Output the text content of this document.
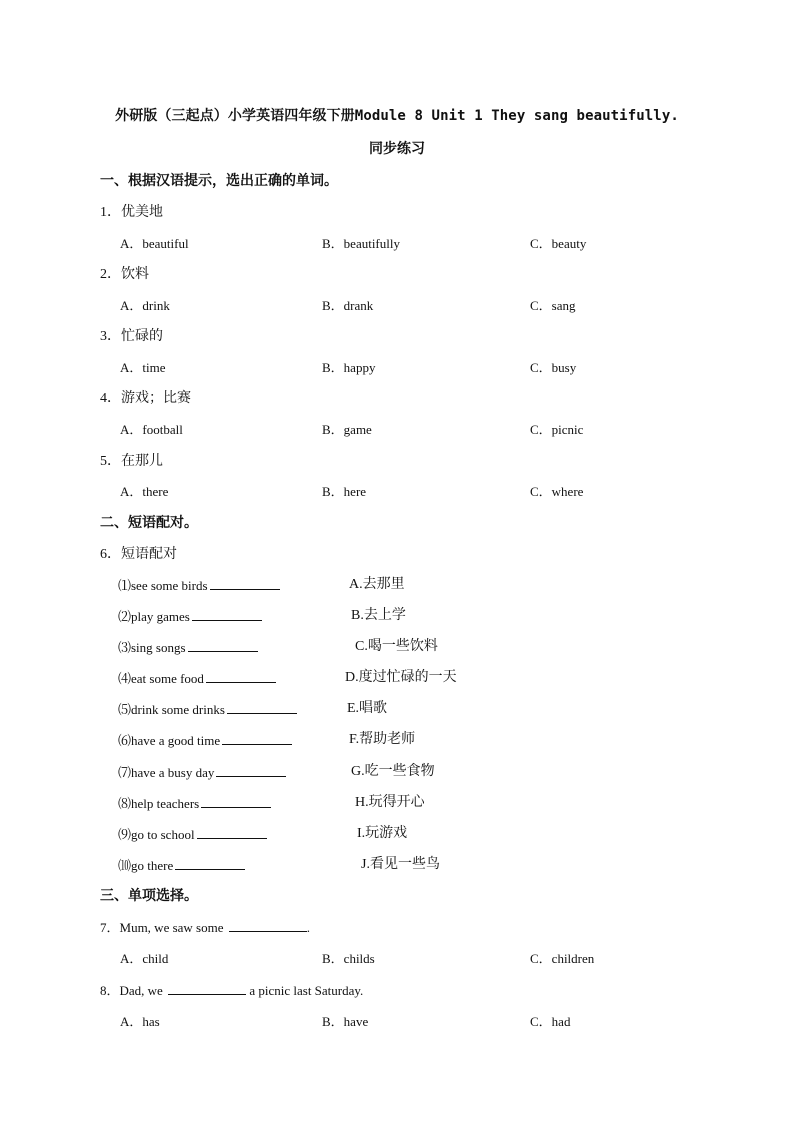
外研版（三起点）小学英语四年级下册Module 8 Unit 1 They sang beautifully.
同步练习
一、根据汉语提示，选出正确的单词。
1．优美地
A．beautiful	B．beautifully	C．beauty
2．饮料
A．drink	B．drank	C．sang
3．忙碌的
A．time	B．happy	C．busy
4．游戏；比赛
A．football	B．game	C．picnic
5．在那儿
A．there	B．here	C．where
二、短语配对。
6．短语配对
⑴see some birds	A.去那里
⑵play games	B.去上学
⑶sing songs	C.喝一些饮料
⑷eat some food	D.度过忙碌的一天
⑸drink some drinks	E.唱歌
⑹have a good time	F.帮助老师
⑺have a busy day	G.吃一些食物
⑻help teachers	H.玩得开心
⑼go to school	I.玩游戏
⑽go there	J.看见一些鸟
三、单项选择。
7．Mum, we saw some	.
A．child	B．childs	C．children
8．Dad, we	a picnic last Saturday.
A．has	B．have	C．had
